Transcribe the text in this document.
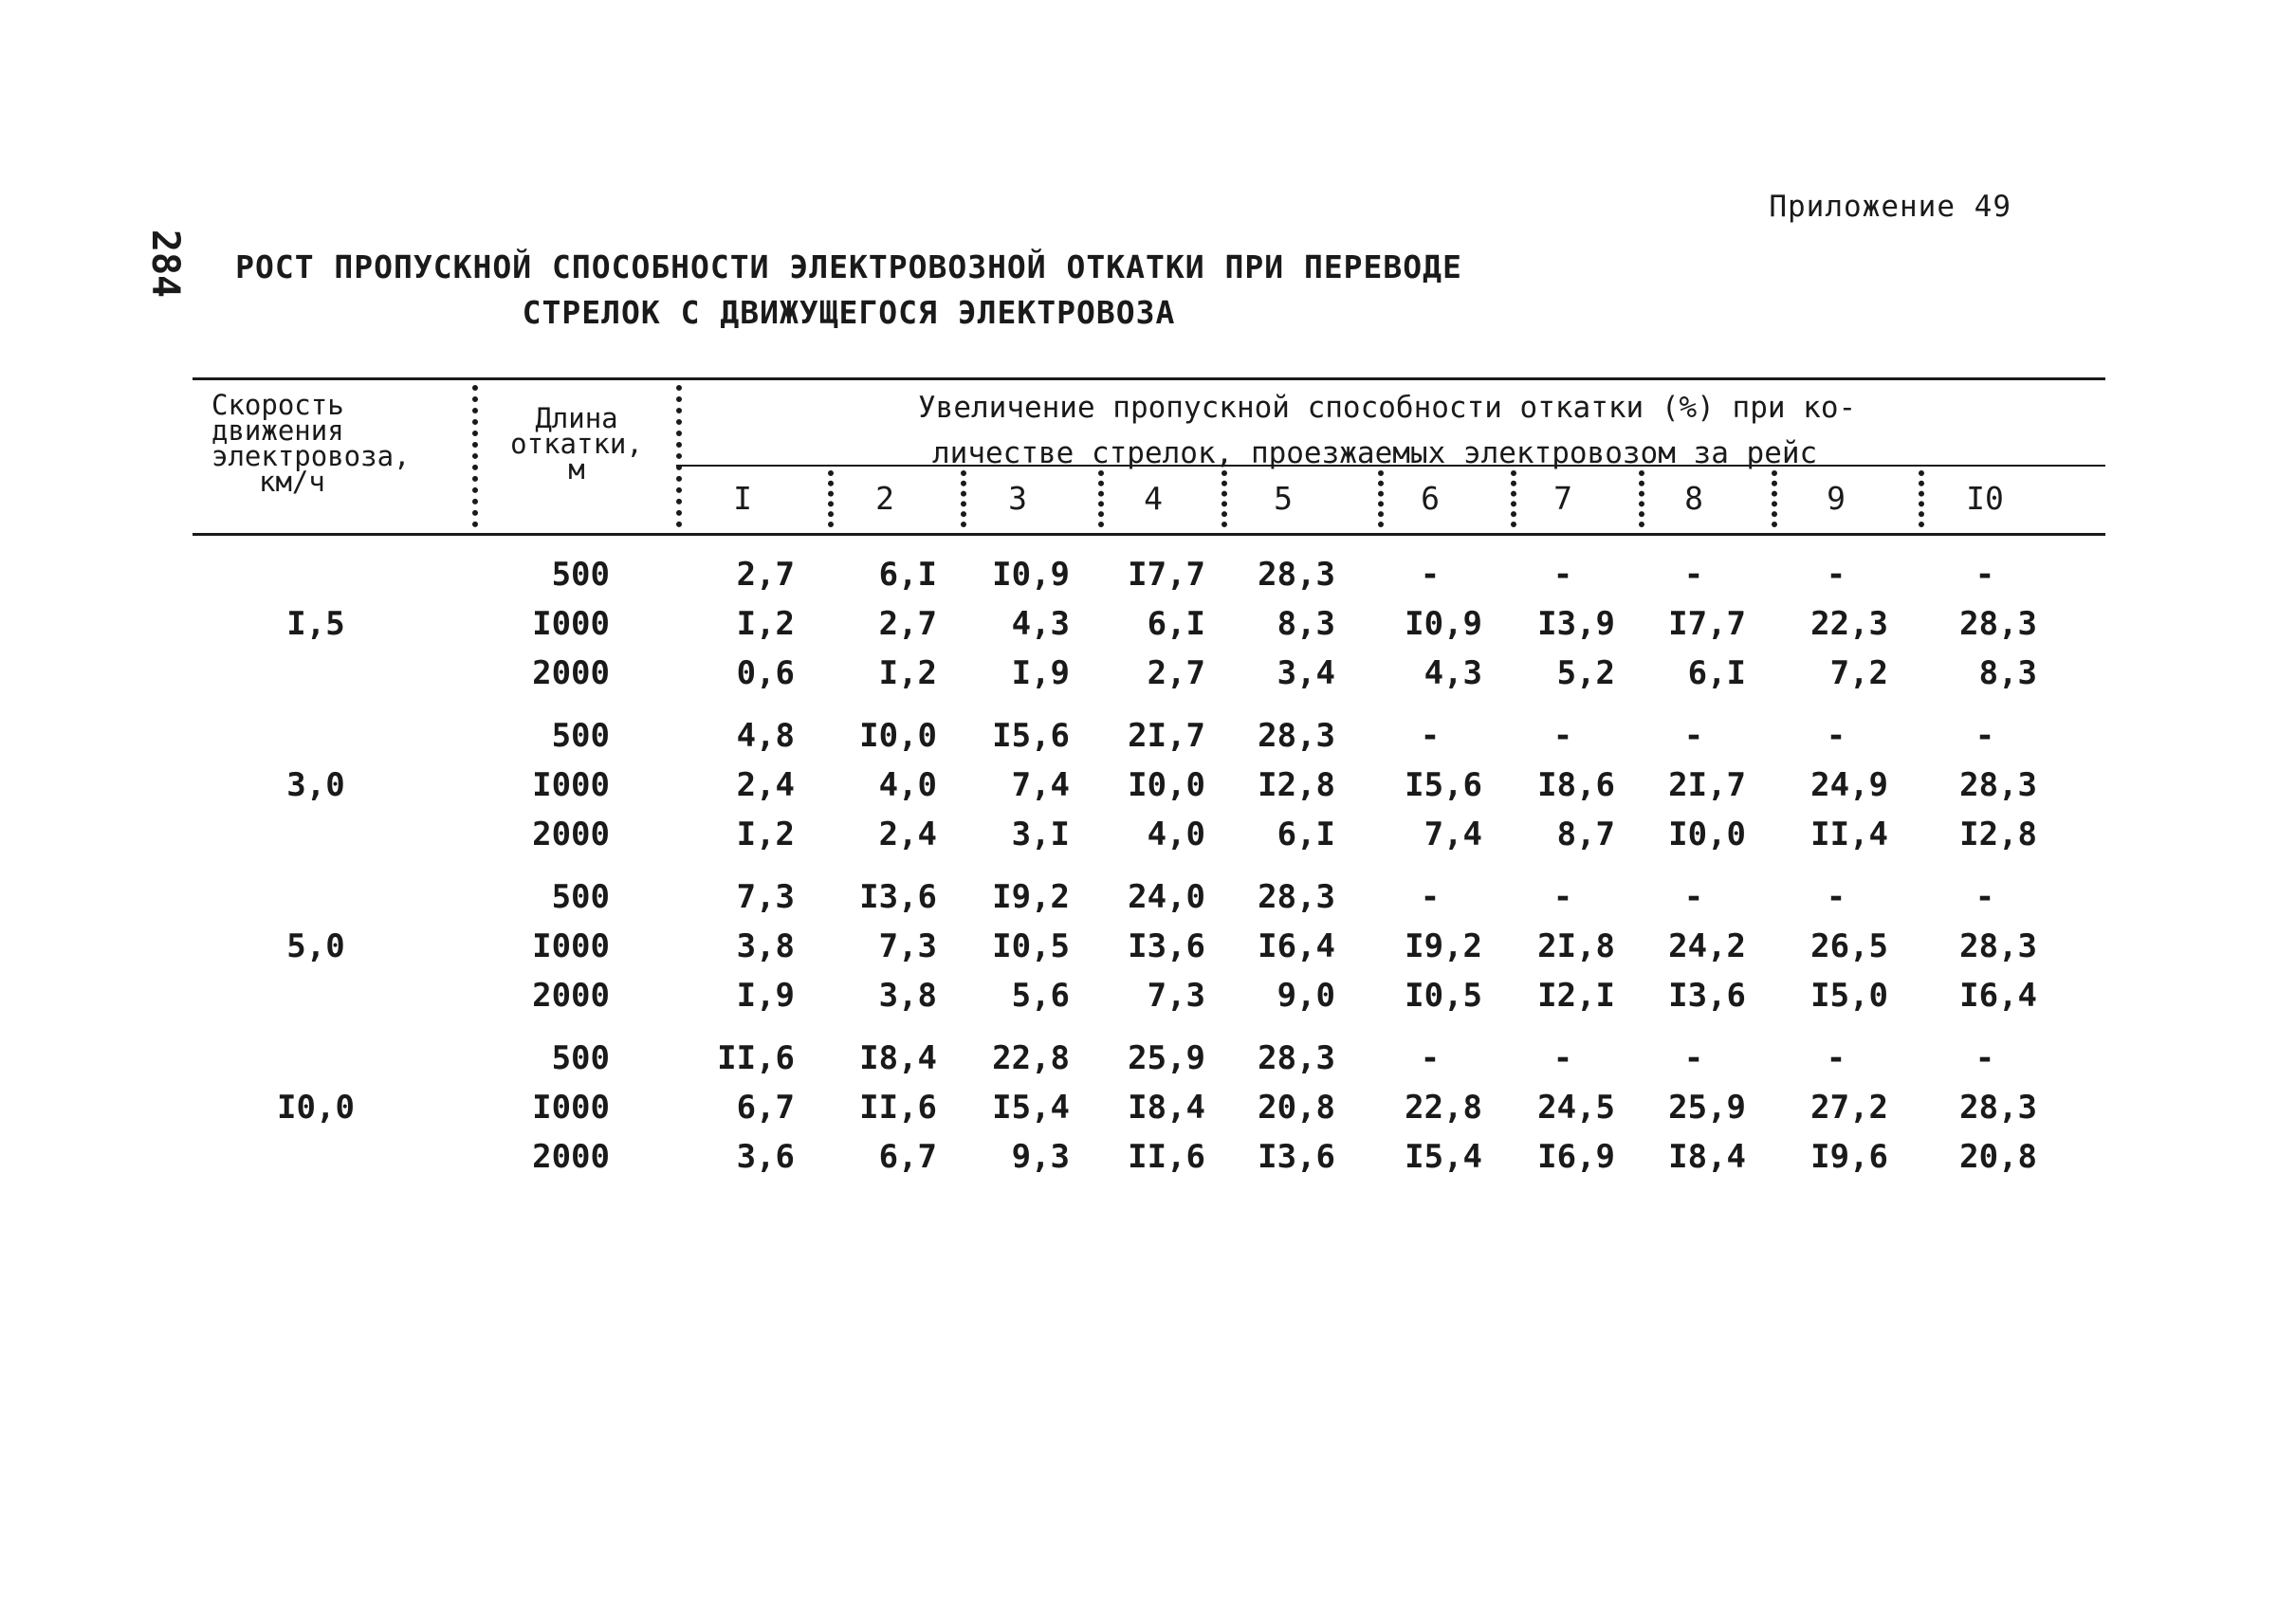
284
Приложение 49
РОСТ ПРОПУСКНОЙ СПОСОБНОСТИ ЭЛЕКТРОВОЗНОЙ ОТКАТКИ ПРИ ПЕРЕВОДЕ
СТРЕЛОК С ДВИЖУЩЕГОСЯ ЭЛЕКТРОВОЗА
Скорость
движения
электровоза,
км/ч
Длина
откатки,
м
Увеличение пропускной способности откатки (%) при ко-
личестве стрелок, проезжаемых электровозом за рейс
I	2	3	4	5	6	7	8	9	I0
I,5
500	2,7	6,I	I0,9	I7,7	28,3	-	-	-	-	-
I000	I,2	2,7	4,3	6,I	8,3	I0,9	I3,9	I7,7	22,3	28,3
2000	0,6	I,2	I,9	2,7	3,4	4,3	5,2	6,I	7,2	8,3
3,0
500	4,8	I0,0	I5,6	2I,7	28,3	-	-	-	-	-
I000	2,4	4,0	7,4	I0,0	I2,8	I5,6	I8,6	2I,7	24,9	28,3
2000	I,2	2,4	3,I	4,0	6,I	7,4	8,7	I0,0	II,4	I2,8
5,0
500	7,3	I3,6	I9,2	24,0	28,3	-	-	-	-	-
I000	3,8	7,3	I0,5	I3,6	I6,4	I9,2	2I,8	24,2	26,5	28,3
2000	I,9	3,8	5,6	7,3	9,0	I0,5	I2,I	I3,6	I5,0	I6,4
I0,0
500	II,6	I8,4	22,8	25,9	28,3	-	-	-	-	-
I000	6,7	II,6	I5,4	I8,4	20,8	22,8	24,5	25,9	27,2	28,3
2000	3,6	6,7	9,3	II,6	I3,6	I5,4	I6,9	I8,4	I9,6	20,8
